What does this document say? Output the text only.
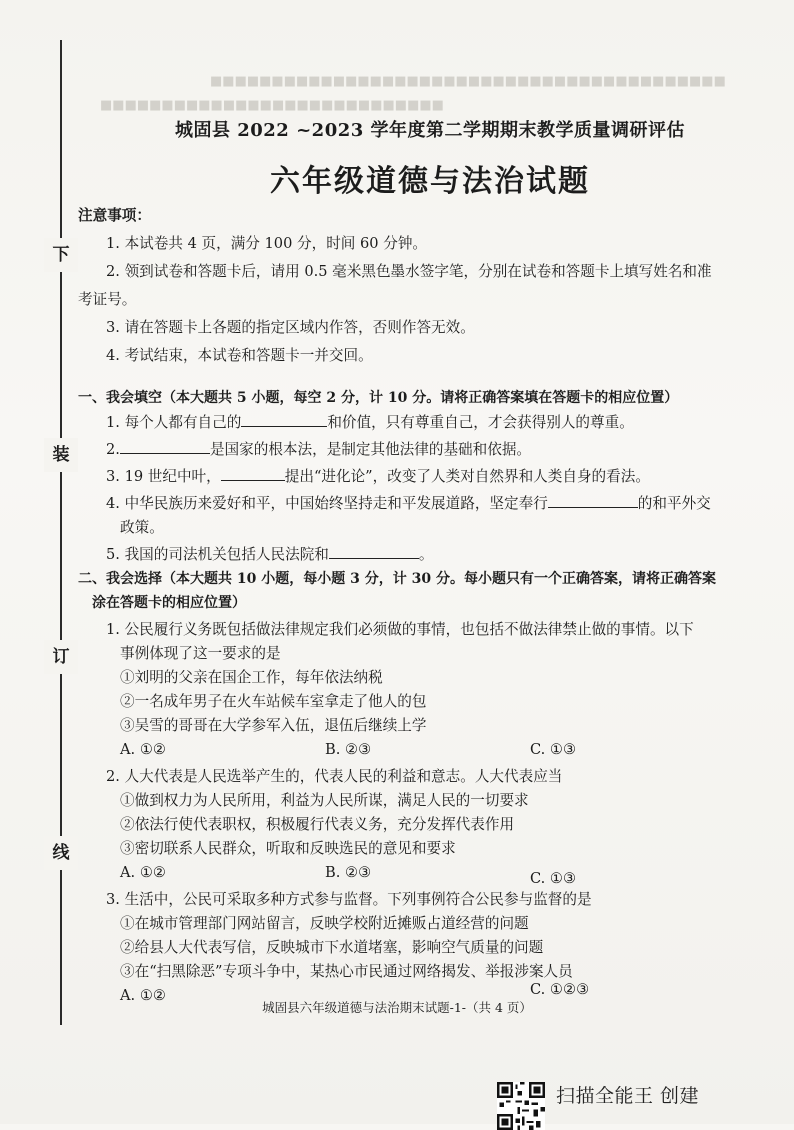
■■■■■■■■■■■■■■■■■■■■■■■■■■■■■■■■■■■■■■■■■■
■■■■■■■■■■■■■■■■■■■■■■■■■■■■
下
装
订
线
城固县 2022 ~2023 学年度第二学期期末教学质量调研评估
六年级道德与法治试题
注意事项：
1. 本试卷共 4 页，满分 100 分，时间 60 分钟。
2. 领到试卷和答题卡后，请用 0.5 毫米黑色墨水签字笔，分别在试卷和答题卡上填写姓名和准
考证号。
3. 请在答题卡上各题的指定区域内作答，否则作答无效。
4. 考试结束，本试卷和答题卡一并交回。
一、我会填空（本大题共 5 小题，每空 2 分，计 10 分。请将正确答案填在答题卡的相应位置）
1. 每个人都有自己的	和价值，只有尊重自己，才会获得别人的尊重。
2.	是国家的根本法，是制定其他法律的基础和依据。
3. 19 世纪中叶，	提出“进化论”，改变了人类对自然界和人类自身的看法。
4. 中华民族历来爱好和平，中国始终坚持走和平发展道路，坚定奉行	的和平外交
政策。
5. 我国的司法机关包括人民法院和	。
二、我会选择（本大题共 10 小题，每小题 3 分，计 30 分。每小题只有一个正确答案，请将正确答案
涂在答题卡的相应位置）
1. 公民履行义务既包括做法律规定我们必须做的事情，也包括不做法律禁止做的事情。以下
事例体现了这一要求的是
①刘明的父亲在国企工作，每年依法纳税
②一名成年男子在火车站候车室拿走了他人的包
③吴雪的哥哥在大学参军入伍，退伍后继续上学
A. ①②	B. ②③	C. ①③
2. 人大代表是人民选举产生的，代表人民的利益和意志。人大代表应当
①做到权力为人民所用，利益为人民所谋，满足人民的一切要求
②依法行使代表职权，积极履行代表义务，充分发挥代表作用
③密切联系人民群众，听取和反映选民的意见和要求
A. ①②	B. ②③	C. ①③
3. 生活中，公民可采取多种方式参与监督。下列事例符合公民参与监督的是
①在城市管理部门网站留言，反映学校附近摊贩占道经营的问题
②给县人大代表写信，反映城市下水道堵塞，影响空气质量的问题
③在“扫黑除恶”专项斗争中，某热心市民通过网络揭发、举报涉案人员
A. ①②	C. ①②③
城固县六年级道德与法治期末试题-1-（共 4 页）
扫描全能王 创建
